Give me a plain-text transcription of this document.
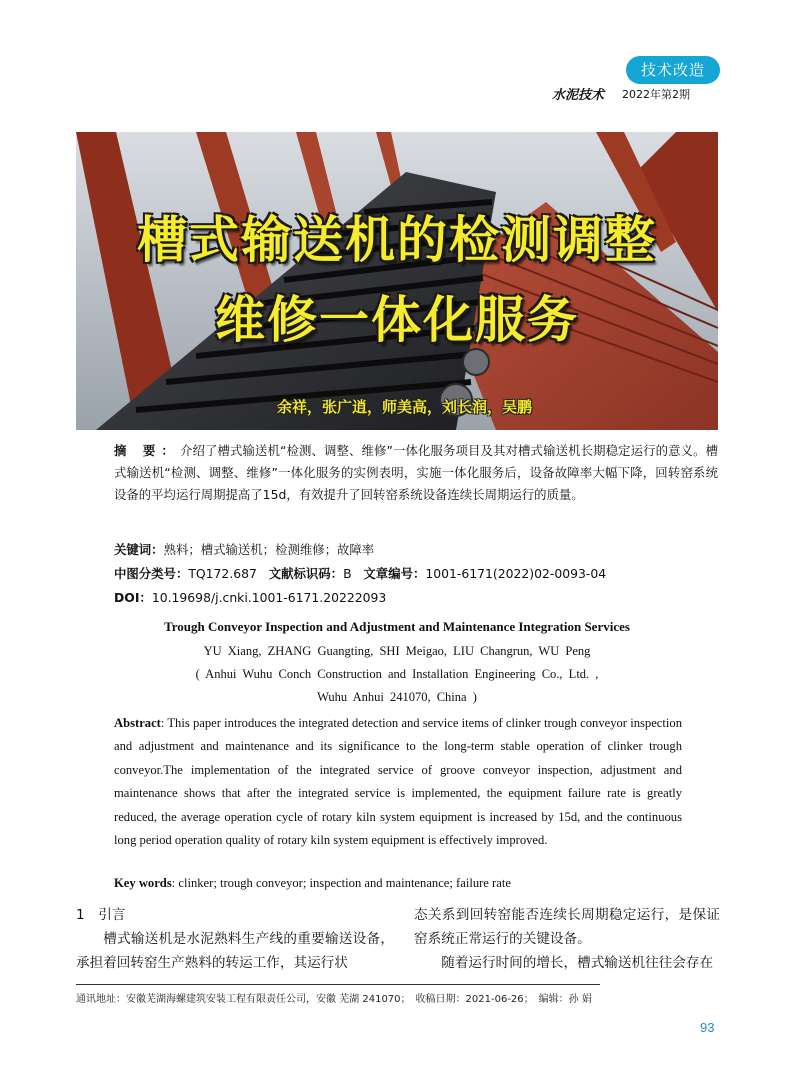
技术改造
水泥技术 2022年第2期
槽式输送机的检测调整
维修一体化服务
余祥，张广逍，师美高，刘长润，吴鹏
摘 要：介绍了槽式输送机“检测、调整、维修”一体化服务项目及其对槽式输送机长期稳定运行的意义。槽式输送机“检测、调整、维修”一体化服务的实例表明，实施一体化服务后，设备故障率大幅下降，回转窑系统设备的平均运行周期提高了15d，有效提升了回转窑系统设备连续长周期运行的质量。
关键词：熟料；槽式输送机；检测维修；故障率
中图分类号：TQ172.687 文献标识码：B 文章编号：1001-6171(2022)02-0093-04
DOI：10.19698/j.cnki.1001-6171.20222093
Trough Conveyor Inspection and Adjustment and Maintenance Integration Services
YU Xiang, ZHANG Guangting, SHI Meigao, LIU Changrun, WU Peng
( Anhui Wuhu Conch Construction and Installation Engineering Co., Ltd. ,
Wuhu Anhui 241070, China )
Abstract: This paper introduces the integrated detection and service items of clinker trough conveyor inspection and adjustment and maintenance and its significance to the long-term stable operation of clinker trough conveyor.The implementation of the integrated service of groove conveyor inspection, adjustment and maintenance shows that after the integrated service is implemented, the equipment failure rate is greatly reduced, the average operation cycle of rotary kiln system equipment is increased by 15d, and the continuous long period operation quality of rotary kiln system equipment is effectively improved.
Key words: clinker; trough conveyor; inspection and maintenance; failure rate
1　引言
槽式输送机是水泥熟料生产线的重要输送设备，承担着回转窑生产熟料的转运工作，其运行状
态关系到回转窑能否连续长周期稳定运行，是保证窑系统正常运行的关键设备。
随着运行时间的增长，槽式输送机往往会存在
通讯地址：安徽芜湖海螺建筑安装工程有限责任公司，安徽 芜湖 241070；　收稿日期：2021-06-26；　编辑：孙 娟
93
